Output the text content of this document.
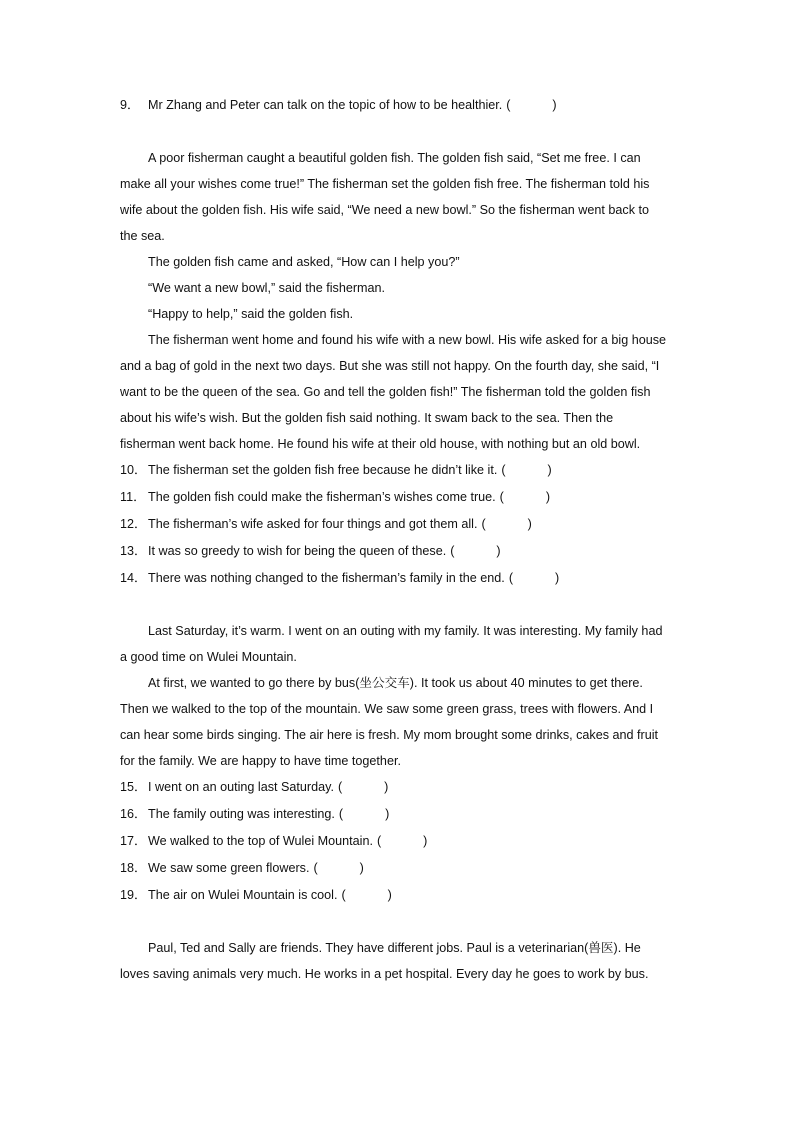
9． Mr Zhang and Peter can talk on the topic of how to be healthier. (            )

A poor fisherman caught a beautiful golden fish. The golden fish said, “Set me free. I can make all your wishes come true!” The fisherman set the golden fish free. The fisherman told his wife about the golden fish. His wife said, “We need a new bowl.” So the fisherman went back to the sea.

The golden fish came and asked, “How can I help you?”

“We want a new bowl,” said the fisherman.

“Happy to help,” said the golden fish.

The fisherman went home and found his wife with a new bowl. His wife asked for a big house and a bag of gold in the next two days. But she was still not happy. On the fourth day, she said, “I want to be the queen of the sea. Go and tell the golden fish!” The fisherman told the golden fish about his wife’s wish. But the golden fish said nothing. It swam back to the sea. Then the fisherman went back home. He found his wife at their old house, with nothing but an old bowl.

10． The fisherman set the golden fish free because he didn’t like it. (            )
11． The golden fish could make the fisherman’s wishes come true. (            )
12． The fisherman’s wife asked for four things and got them all. (            )
13． It was so greedy to wish for being the queen of these. (            )
14． There was nothing changed to the fisherman’s family in the end. (            )

Last Saturday, it’s warm. I went on an outing with my family. It was interesting. My family had a good time on Wulei Mountain.

At first, we wanted to go there by bus(坐公交车). It took us about 40 minutes to get there. Then we walked to the top of the mountain. We saw some green grass, trees with flowers. And I can hear some birds singing. The air here is fresh. My mom brought some drinks, cakes and fruit for the family. We are happy to have time together.

15． I went on an outing last Saturday. (            )
16． The family outing was interesting. (            )
17． We walked to the top of Wulei Mountain. (            )
18． We saw some green flowers. (            )
19． The air on Wulei Mountain is cool. (            )

Paul, Ted and Sally are friends. They have different jobs. Paul is a veterinarian(兽医). He loves saving animals very much. He works in a pet hospital. Every day he goes to work by bus.
